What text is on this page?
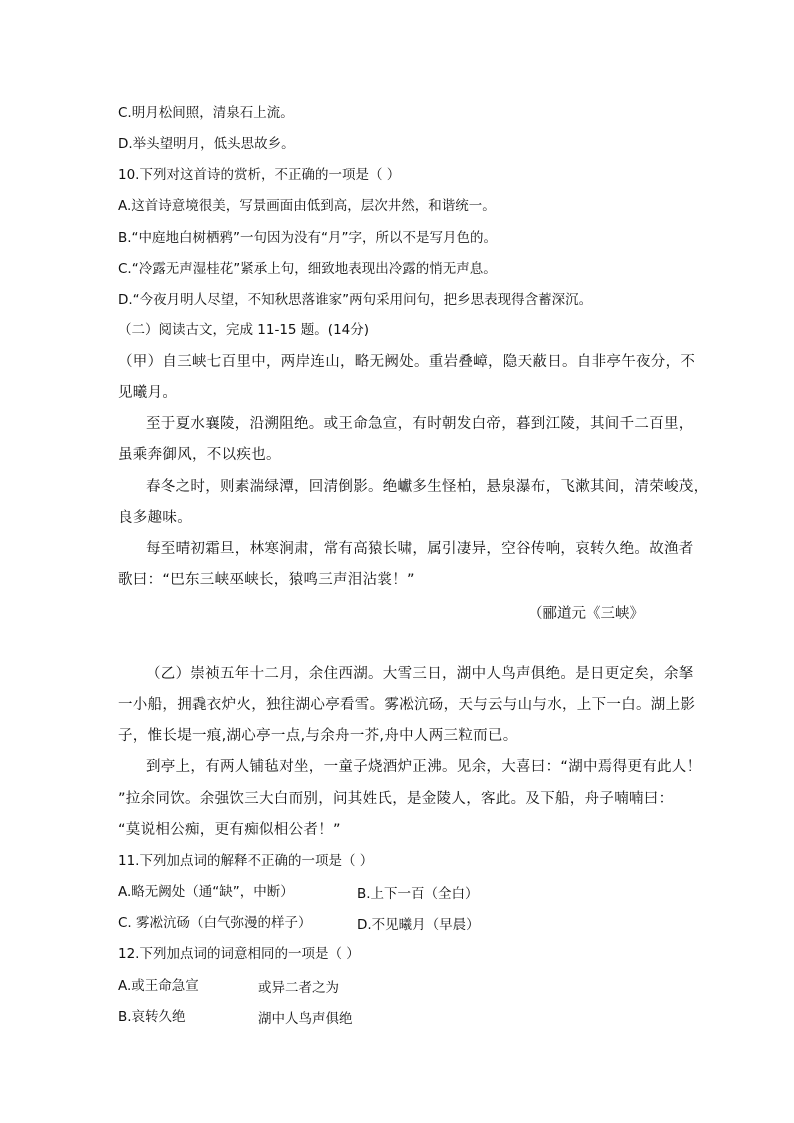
C.明月松间照，清泉石上流。
D.举头望明月，低头思故乡。
10.下列对这首诗的赏析，不正确的一项是（ ）
A.这首诗意境很美，写景画面由低到高，层次井然，和谐统一。
B.“中庭地白树栖鸦”一句因为没有“月”字，所以不是写月色的。
C.“冷露无声湿桂花”紧承上句，细致地表现出冷露的悄无声息。
D.“今夜月明人尽望，不知秋思落谁家”两句采用问句，把乡思表现得含蓄深沉。
（二）阅读古文，完成 11-15 题。(14分)
（甲）自三峡七百里中，两岸连山，略无阙处。重岩叠嶂，隐天蔽日。自非亭午夜分，不
见曦月。
至于夏水襄陵，沿溯阻绝。或王命急宣，有时朝发白帝，暮到江陵，其间千二百里，
虽乘奔御风，不以疾也。
春冬之时，则素湍绿潭，回清倒影。绝巘多生怪柏，悬泉瀑布，飞漱其间，清荣峻茂，
良多趣味。
每至晴初霜旦，林寒涧肃，常有高猿长啸，属引凄异，空谷传响，哀转久绝。故渔者
歌曰：“巴东三峡巫峡长，猿鸣三声泪沾裳！”
（郦道元《三峡》
（乙）崇祯五年十二月，余住西湖。大雪三日，湖中人鸟声俱绝。是日更定矣，余拏
一小船，拥毳衣炉火，独往湖心亭看雪。雾凇沆砀，天与云与山与水，上下一白。湖上影
子，惟长堤一痕,湖心亭一点,与余舟一芥,舟中人两三粒而已。
到亭上，有两人铺毡对坐，一童子烧酒炉正沸。见余，大喜曰：“湖中焉得更有此人！
”拉余同饮。余强饮三大白而别，问其姓氏，是金陵人，客此。及下船，舟子喃喃曰：
“莫说相公痴，更有痴似相公者！”
11.下列加点词的解释不正确的一项是（ ）
A.略无阙处（通“缺”，中断）	B.上下一百（全白）
C. 雾凇沆砀（白气弥漫的样子）	D.不见曦月（早晨）
12.下列加点词的词意相同的一项是（ ）
A.或王命急宣	或异二者之为
B.哀转久绝	湖中人鸟声俱绝
